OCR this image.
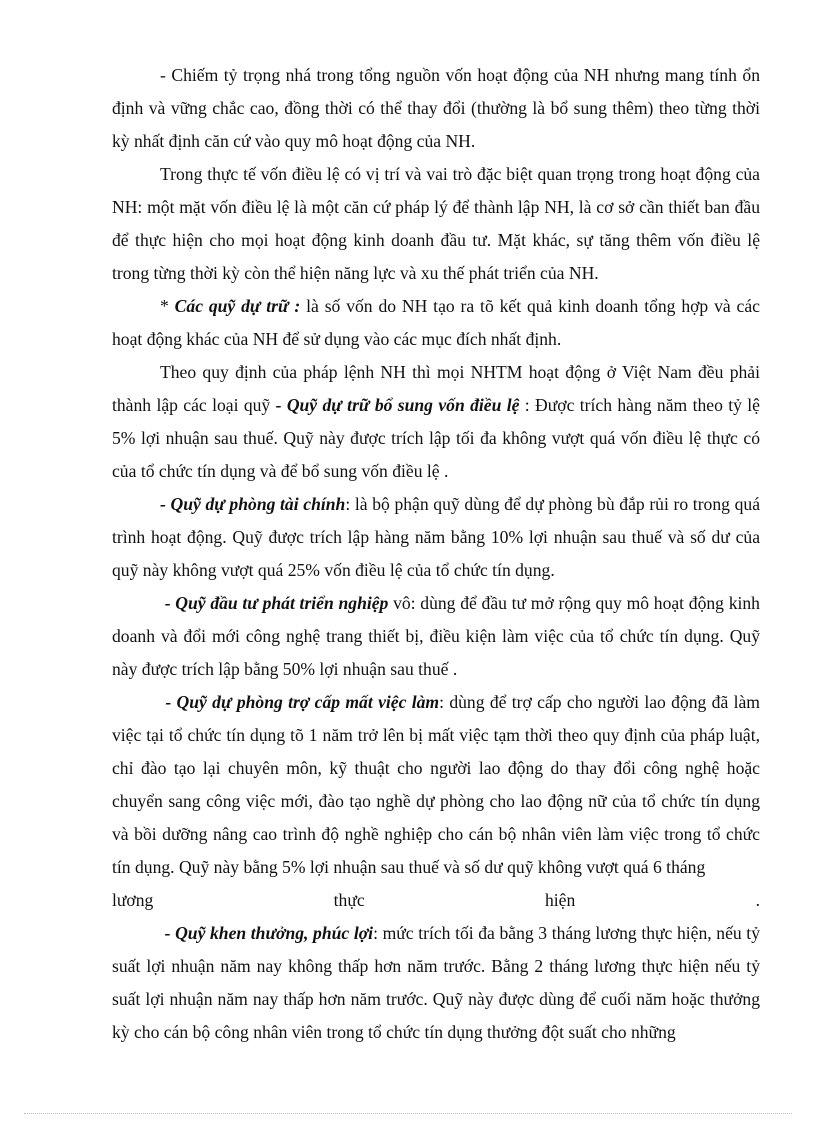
- Chiếm tỷ trọng nhá trong tổng nguồn vốn hoạt động của NH nhưng mang tính ổn định và vững chắc cao, đồng thời có thể thay đổi (thường là bổ sung thêm) theo từng thời kỳ nhất định căn cứ vào quy mô hoạt động của NH.

Trong thực tế vốn điều lệ có vị trí và vai trò đặc biệt quan trọng trong hoạt động của NH: một mặt vốn điều lệ là một căn cứ pháp lý để thành lập NH, là cơ sở cần thiết ban đầu để thực hiện cho mọi hoạt động kinh doanh đầu tư. Mặt khác, sự tăng thêm vốn điều lệ trong từng thời kỳ còn thể hiện năng lực và xu thế phát triển của NH.

* Các quỹ dự trữ : là số vốn do NH tạo ra tõ kết quả kinh doanh tổng hợp và các hoạt động khác của NH để sử dụng vào các mục đích nhất định.

Theo quy định của pháp lệnh NH thì mọi NHTM hoạt động ở Việt Nam đều phải thành lập các loại quỹ - Quỹ dự trữ bổ sung vốn điều lệ : Được trích hàng năm theo tỷ lệ 5% lợi nhuận sau thuế. Quỹ này được trích lập tối đa không vượt quá vốn điều lệ thực có của tổ chức tín dụng và để bổ sung vốn điều lệ .

- Quỹ dự phòng tài chính: là bộ phận quỹ dùng để dự phòng bù đắp rủi ro trong quá trình hoạt động. Quỹ được trích lập hàng năm bằng 10% lợi nhuận sau thuế và số dư của quỹ này không vượt quá 25% vốn điều lệ của tổ chức tín dụng.

- Quỹ đầu tư phát triển nghiệp vô: dùng để đầu tư mở rộng quy mô hoạt động kinh doanh và đổi mới công nghệ trang thiết bị, điều kiện làm việc của tổ chức tín dụng. Quỹ này được trích lập bằng 50% lợi nhuận sau thuế .

- Quỹ dự phòng trợ cấp mất việc làm: dùng để trợ cấp cho người lao động đã làm việc tại tổ chức tín dụng tõ 1 năm trở lên bị mất việc tạm thời theo quy định của pháp luật, chỉ đào tạo lại chuyên môn, kỹ thuật cho người lao động do thay đổi công nghệ hoặc chuyển sang công việc mới, đào tạo nghề dự phòng cho lao động nữ của tổ chức tín dụng và bồi dưỡng nâng cao trình độ nghề nghiệp cho cán bộ nhân viên làm việc trong tổ chức tín dụng. Quỹ này bằng 5% lợi nhuận sau thuế và số dư quỹ không vượt quá 6 tháng
lương	thực	hiện	.

- Quỹ khen thưởng, phúc lợi: mức trích tối đa bằng 3 tháng lương thực hiện, nếu tỷ suất lợi nhuận năm nay không thấp hơn năm trước. Bằng 2 tháng lương thực hiện nếu tỷ suất lợi nhuận năm nay thấp hơn năm trước. Quỹ này được dùng để cuối năm hoặc thưởng kỳ cho cán bộ công nhân viên trong tổ chức tín dụng thưởng đột suất cho những
